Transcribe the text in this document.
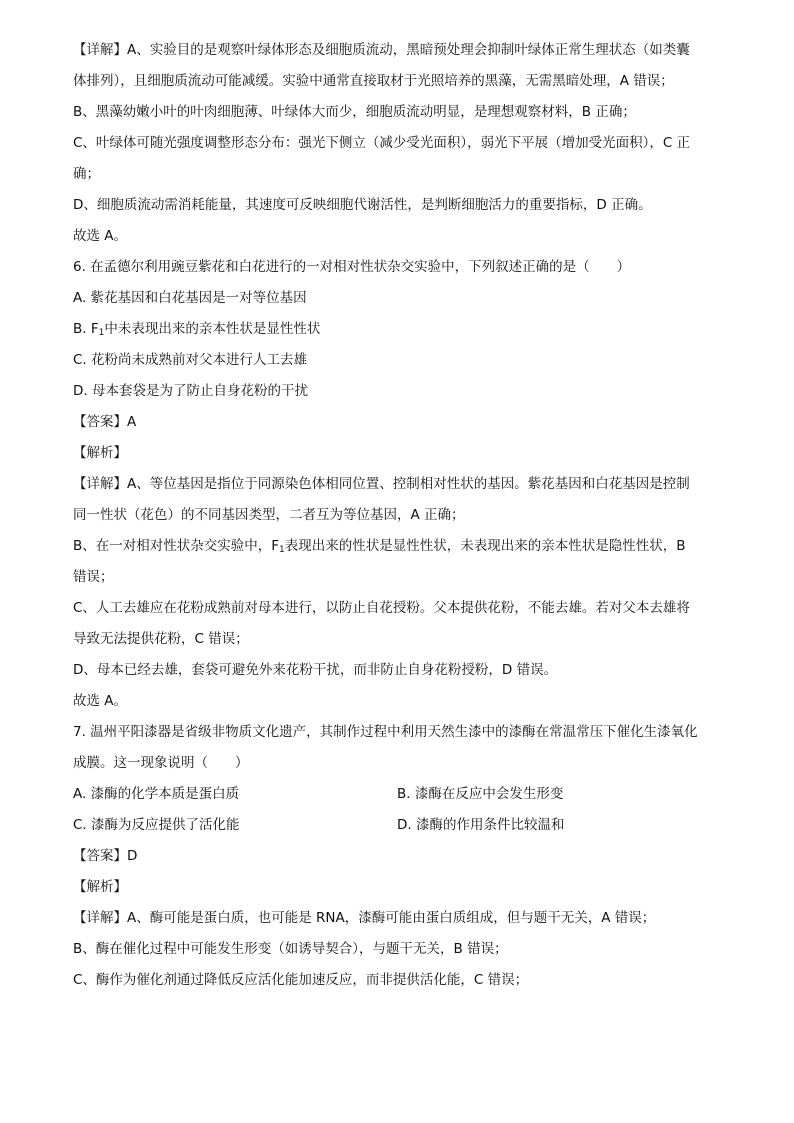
【详解】A、实验目的是观察叶绿体形态及细胞质流动，黑暗预处理会抑制叶绿体正常生理状态（如类囊
体排列），且细胞质流动可能减缓。实验中通常直接取材于光照培养的黑藻，无需黑暗处理，A 错误；
B、黑藻幼嫩小叶的叶肉细胞薄、叶绿体大而少，细胞质流动明显，是理想观察材料，B 正确；
C、叶绿体可随光强度调整形态分布：强光下侧立（减少受光面积），弱光下平展（增加受光面积），C 正
确；
D、细胞质流动需消耗能量，其速度可反映细胞代谢活性，是判断细胞活力的重要指标，D 正确。
故选 A。
6. 在孟德尔利用豌豆紫花和白花进行的一对相对性状杂交实验中，下列叙述正确的是（　　）
A. 紫花基因和白花基因是一对等位基因
B. $F_1$中未表现出来的亲本性状是显性性状
C. 花粉尚未成熟前对父本进行人工去雄
D. 母本套袋是为了防止自身花粉的干扰
【答案】A
【解析】
【详解】A、等位基因是指位于同源染色体相同位置、控制相对性状的基因。紫花基因和白花基因是控制
同一性状（花色）的不同基因类型，二者互为等位基因，A 正确；
B、在一对相对性状杂交实验中，$F_1$表现出来的性状是显性性状，未表现出来的亲本性状是隐性性状，B
错误；
C、人工去雄应在花粉成熟前对母本进行，以防止自花授粉。父本提供花粉，不能去雄。若对父本去雄将
导致无法提供花粉，C 错误；
D、母本已经去雄，套袋可避免外来花粉干扰，而非防止自身花粉授粉，D 错误。
故选 A。
7. 温州平阳漆器是省级非物质文化遗产，其制作过程中利用天然生漆中的漆酶在常温常压下催化生漆氧化
成膜。这一现象说明（　　）
A. 漆酶的化学本质是蛋白质	B. 漆酶在反应中会发生形变
C. 漆酶为反应提供了活化能	D. 漆酶的作用条件比较温和
【答案】D
【解析】
【详解】A、酶可能是蛋白质，也可能是 RNA，漆酶可能由蛋白质组成，但与题干无关，A 错误；
B、酶在催化过程中可能发生形变（如诱导契合），与题干无关，B 错误；
C、酶作为催化剂通过降低反应活化能加速反应，而非提供活化能，C 错误；
